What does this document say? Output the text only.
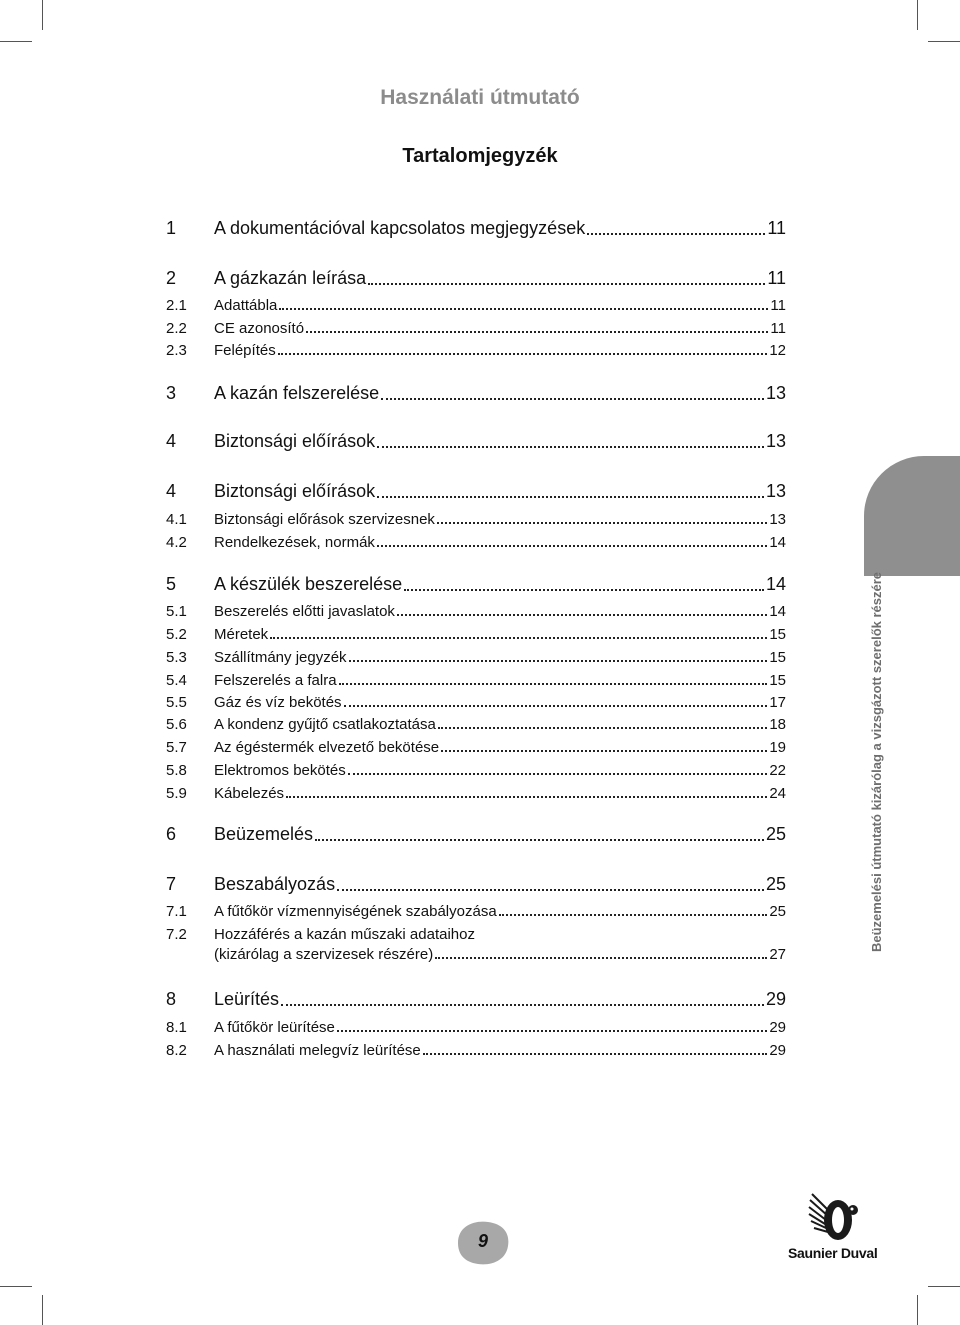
Használati útmutató
Tartalomjegyzék
1	A dokumentációval kapcsolatos megjegyzések	11
2	A gázkazán leírása	11
2.1	Adattábla	11
2.2	CE azonosító	11
2.3	Felépítés	12
3	A kazán felszerelése	13
4	Biztonsági előírások	13
4	Biztonsági előírások	13
4.1	Biztonsági előrások szervizesnek	13
4.2	Rendelkezések, normák	14
5	A készülék beszerelése	14
5.1	Beszerelés előtti javaslatok	14
5.2	Méretek	15
5.3	Szállítmány jegyzék	15
5.4	Felszerelés a falra	15
5.5	Gáz és víz bekötés	17
5.6	A kondenz gyűjtő csatlakoztatása	18
5.7	Az égéstermék elvezető bekötése	19
5.8	Elektromos bekötés	22
5.9	Kábelezés	24
6	Beüzemelés	25
7	Beszabályozás	25
7.1	A fűtőkör vízmennyiségének szabályozása	25
7.2	Hozzáférés a kazán műszaki adataihoz
(kizárólag a szervizesek részére)	27
8	Leürítés	29
8.1	A fűtőkör leürítése	29
8.2	A használati melegvíz leürítése	29
Beüzemelési útmutató kizárólag a vizsgázott szerelők részére
9
Saunier Duval
